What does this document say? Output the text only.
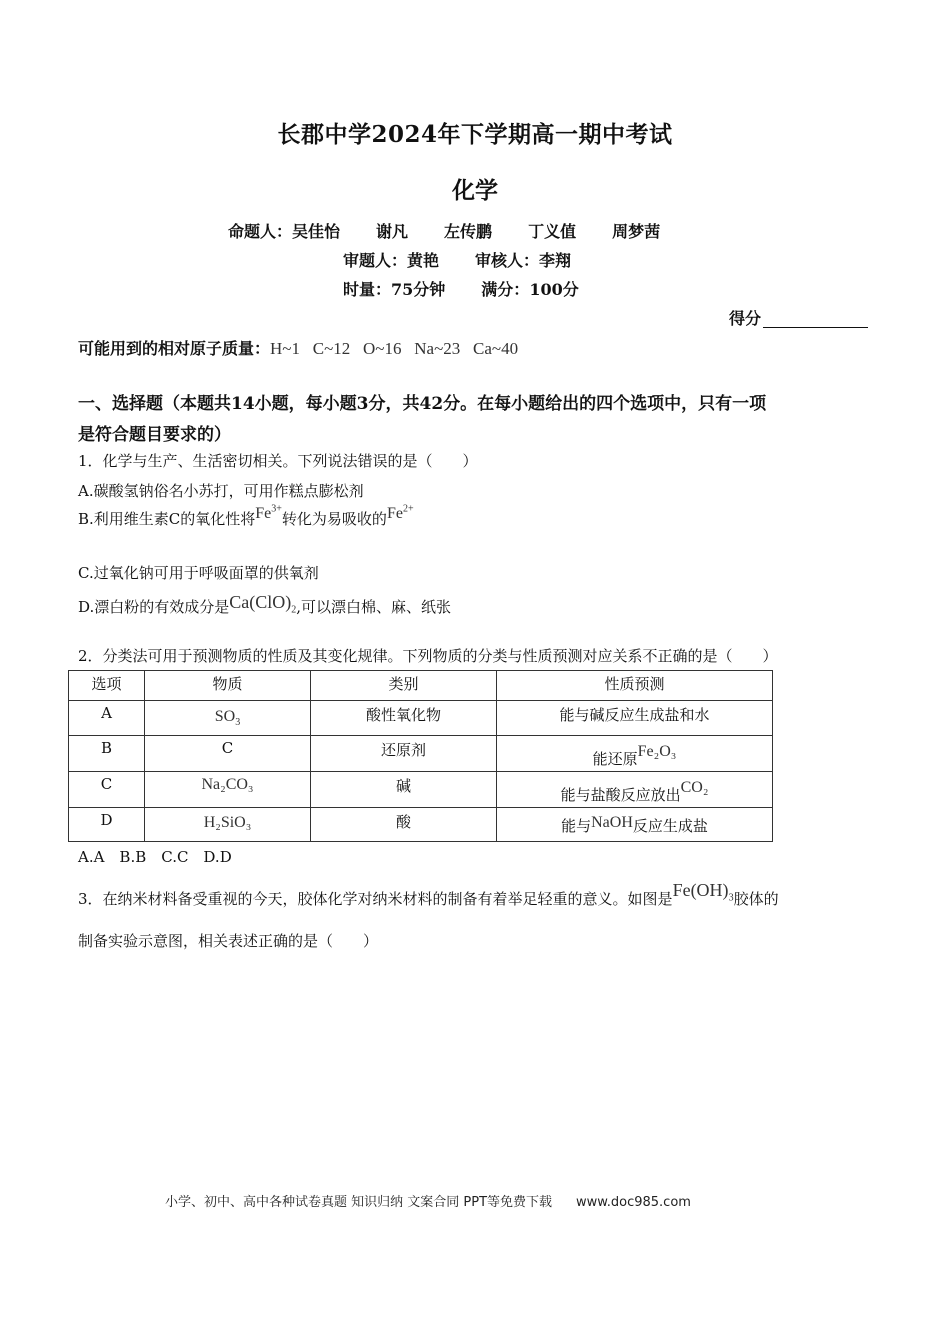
长郡中学2024年下学期高一期中考试
化学
命题人：吴佳怡 谢凡 左传鹏 丁义值 周梦茜
审题人：黄艳 审核人：李翔
时量：75分钟 满分：100分
得分
可能用到的相对原子质量：H~1   C~12   O~16   Na~23   Ca~40
一、选择题（本题共14小题，每小题3分，共42分。在每小题给出的四个选项中，只有一项
是符合题目要求的）
1．化学与生产、生活密切相关。下列说法错误的是（　　）
A.碳酸氢钠俗名小苏打，可用作糕点膨松剂
B.利用维生素C的氧化性将$Fe^{3+}$转化为易吸收的$Fe^{2+}$
C.过氧化钠可用于呼吸面罩的供氧剂
D.漂白粉的有效成分是$Ca(ClO)_2$,可以漂白棉、麻、纸张
2．分类法可用于预测物质的性质及其变化规律。下列物质的分类与性质预测对应关系不正确的是（　　）
选项	物质	类别	性质预测
A	$SO_3$	酸性氧化物	能与碱反应生成盐和水
B	C	还原剂	能还原Fe₂O₃
C	Na₂CO₃	碱	能与盐酸反应放出CO₂
D	H₂SiO₃	酸	能与NaOH反应生成盐
A.A　B.B　C.C　D.D
3．在纳米材料备受重视的今天，胶体化学对纳米材料的制备有着举足轻重的意义。如图是$Fe(OH)_3$胶体的
制备实验示意图，相关表述正确的是（　　）
小学、初中、高中各种试卷真题 知识归纳 文案合同 PPT等免费下载 www.doc985.com
